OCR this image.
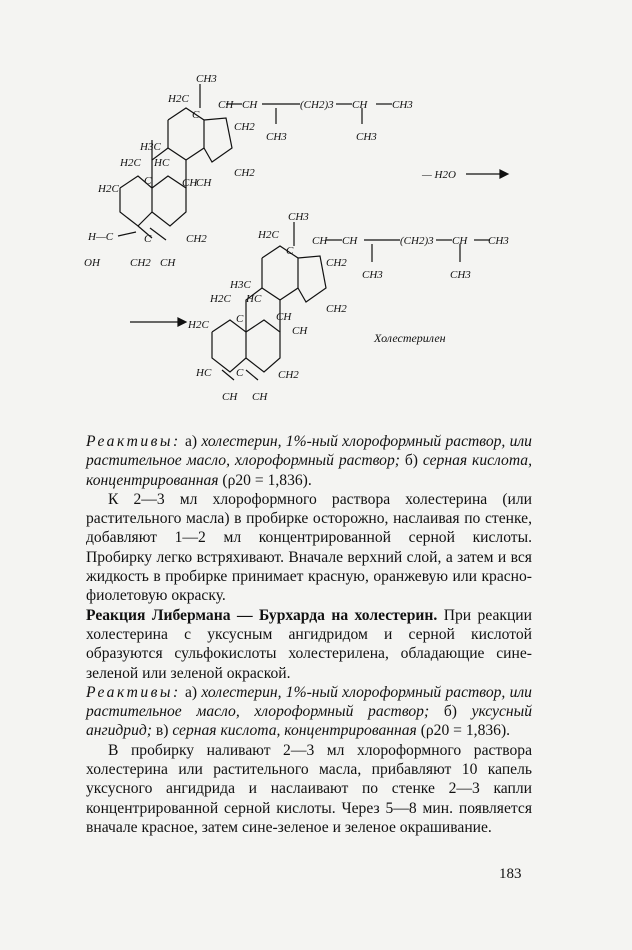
CH3
H2C
C
CH CH	(CH2)3 CH CH3
CH3	CH3
CH2
H3C
H2C HC
C	CH
CH
CH2
H2C
H—C
OH	CH2 CH
CH2
C
— H2O
CH3
H2C
C
CH CH	(CH2)3 CH CH3
CH3	CH3
CH2
H3C
H2C HC
C	CH
CH
CH2
H2C
HC C	CH2
CH CH
Холестерилен

Реактивы: а) холестерин, 1%-ный хлороформный раствор, или растительное масло, хлороформный раствор; б) серная кислота, концентрированная (ρ20 = 1,836).

К 2—3 мл хлороформного раствора холестерина (или растительного масла) в пробирке осторожно, наслаивая по стенке, добавляют 1—2 мл концентрированной серной кислоты. Пробирку легко встряхивают. Вначале верхний слой, а затем и вся жидкость в пробирке принимает красную, оранжевую или красно-фиолетовую окраску.

Реакция Либермана — Бурхарда на холестерин. При реакции холестерина с уксусным ангидридом и серной кислотой образуются сульфокислоты холестерилена, обладающие сине-зеленой или зеленой окраской.

Реактивы: а) холестерин, 1%-ный хлороформный раствор, или растительное масло, хлороформный раствор; б) уксусный ангидрид; в) серная кислота, концентрированная (ρ20 = 1,836).

В пробирку наливают 2—3 мл хлороформного раствора холестерина или растительного масла, прибавляют 10 капель уксусного ангидрида и наслаивают по стенке 2—3 капли концентрированной серной кислоты. Через 5—8 мин. появляется вначале красное, затем сине-зеленое и зеленое окрашивание.

183
